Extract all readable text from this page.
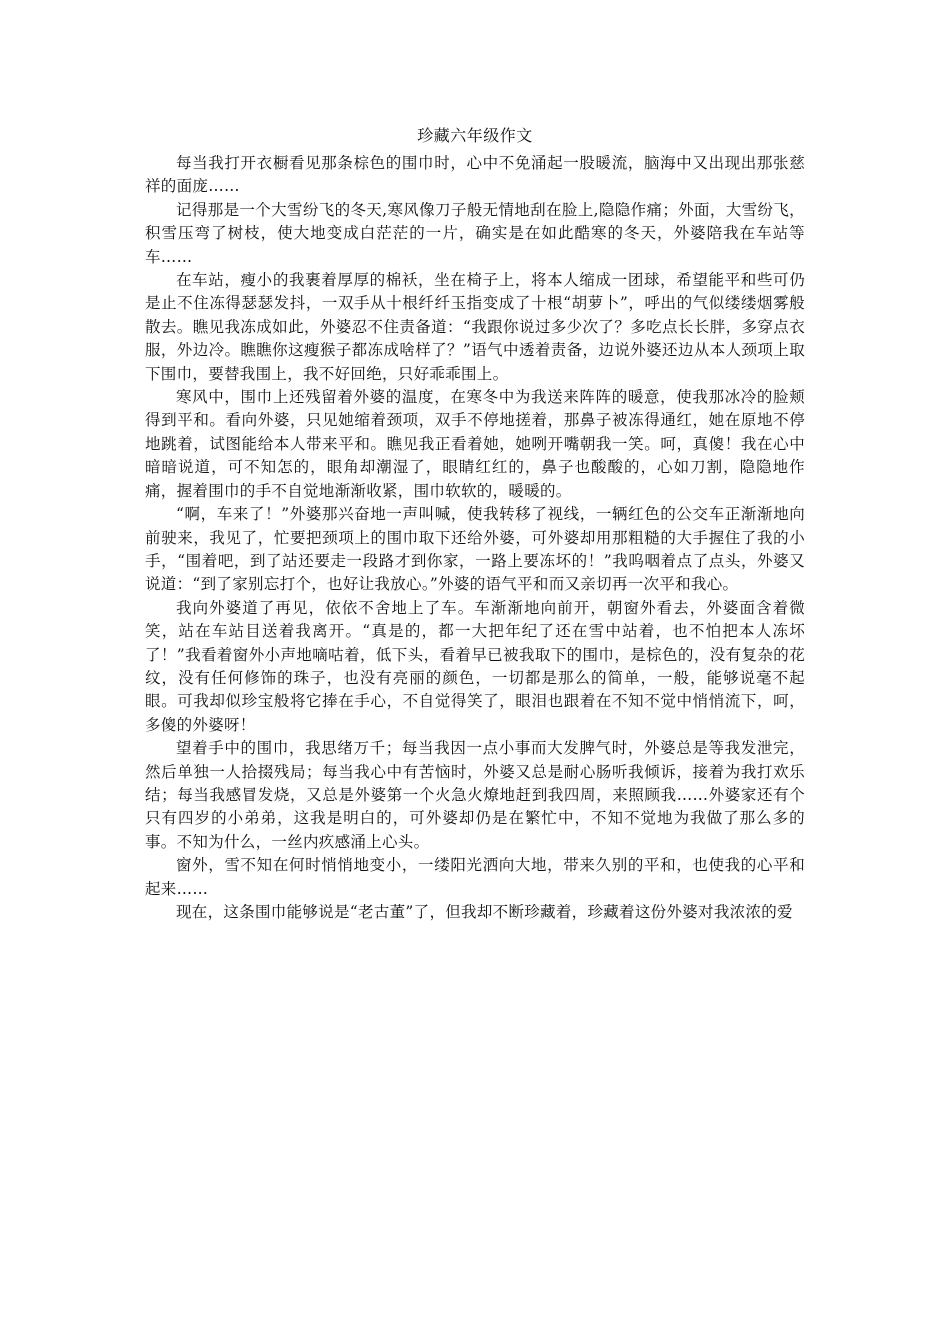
珍藏六年级作文

每当我打开衣橱看见那条棕色的围巾时，心中不免涌起一股暖流，脑海中又出现出那张慈祥的面庞……

记得那是一个大雪纷飞的冬天,寒风像刀子般无情地刮在脸上,隐隐作痛；外面，大雪纷飞，积雪压弯了树枝，使大地变成白茫茫的一片，确实是在如此酷寒的冬天，外婆陪我在车站等车……

在车站，瘦小的我裹着厚厚的棉袄，坐在椅子上，将本人缩成一团球，希望能平和些可仍是止不住冻得瑟瑟发抖，一双手从十根纤纤玉指变成了十根“胡萝卜”，呼出的气似缕缕烟雾般散去。瞧见我冻成如此，外婆忍不住责备道：“我跟你说过多少次了？多吃点长长胖，多穿点衣服，外边冷。瞧瞧你这瘦猴子都冻成啥样了？”语气中透着责备，边说外婆还边从本人颈项上取下围巾，要替我围上，我不好回绝，只好乖乖围上。

寒风中，围巾上还残留着外婆的温度，在寒冬中为我送来阵阵的暖意，使我那冰冷的脸颊得到平和。看向外婆，只见她缩着颈项，双手不停地搓着，那鼻子被冻得通红，她在原地不停地跳着，试图能给本人带来平和。瞧见我正看着她，她咧开嘴朝我一笑。呵，真傻！我在心中暗暗说道，可不知怎的，眼角却潮湿了，眼睛红红的，鼻子也酸酸的，心如刀割，隐隐地作痛，握着围巾的手不自觉地渐渐收紧，围巾软软的，暖暖的。

“啊，车来了！”外婆那兴奋地一声叫喊，使我转移了视线，一辆红色的公交车正渐渐地向前驶来，我见了，忙要把颈项上的围巾取下还给外婆，可外婆却用那粗糙的大手握住了我的小手，“围着吧，到了站还要走一段路才到你家，一路上要冻坏的！”我呜咽着点了点头，外婆又说道：“到了家别忘打个，也好让我放心。”外婆的语气平和而又亲切再一次平和我心。

我向外婆道了再见，依依不舍地上了车。车渐渐地向前开，朝窗外看去，外婆面含着微笑，站在车站目送着我离开。“真是的，都一大把年纪了还在雪中站着，也不怕把本人冻坏了！”我看着窗外小声地嘀咕着，低下头，看着早已被我取下的围巾，是棕色的，没有复杂的花纹，没有任何修饰的珠子，也没有亮丽的颜色，一切都是那么的简单，一般，能够说毫不起眼。可我却似珍宝般将它捧在手心，不自觉得笑了，眼泪也跟着在不知不觉中悄悄流下，呵，多傻的外婆呀！

望着手中的围巾，我思绪万千；每当我因一点小事而大发脾气时，外婆总是等我发泄完，然后单独一人拾掇残局；每当我心中有苦恼时，外婆又总是耐心肠听我倾诉，接着为我打欢乐结；每当我感冒发烧，又总是外婆第一个火急火燎地赶到我四周，来照顾我……外婆家还有个只有四岁的小弟弟，这我是明白的，可外婆却仍是在繁忙中，不知不觉地为我做了那么多的事。不知为什么，一丝内疚感涌上心头。

窗外，雪不知在何时悄悄地变小，一缕阳光洒向大地，带来久别的平和，也使我的心平和起来……

现在，这条围巾能够说是“老古董”了，但我却不断珍藏着，珍藏着这份外婆对我浓浓的爱
